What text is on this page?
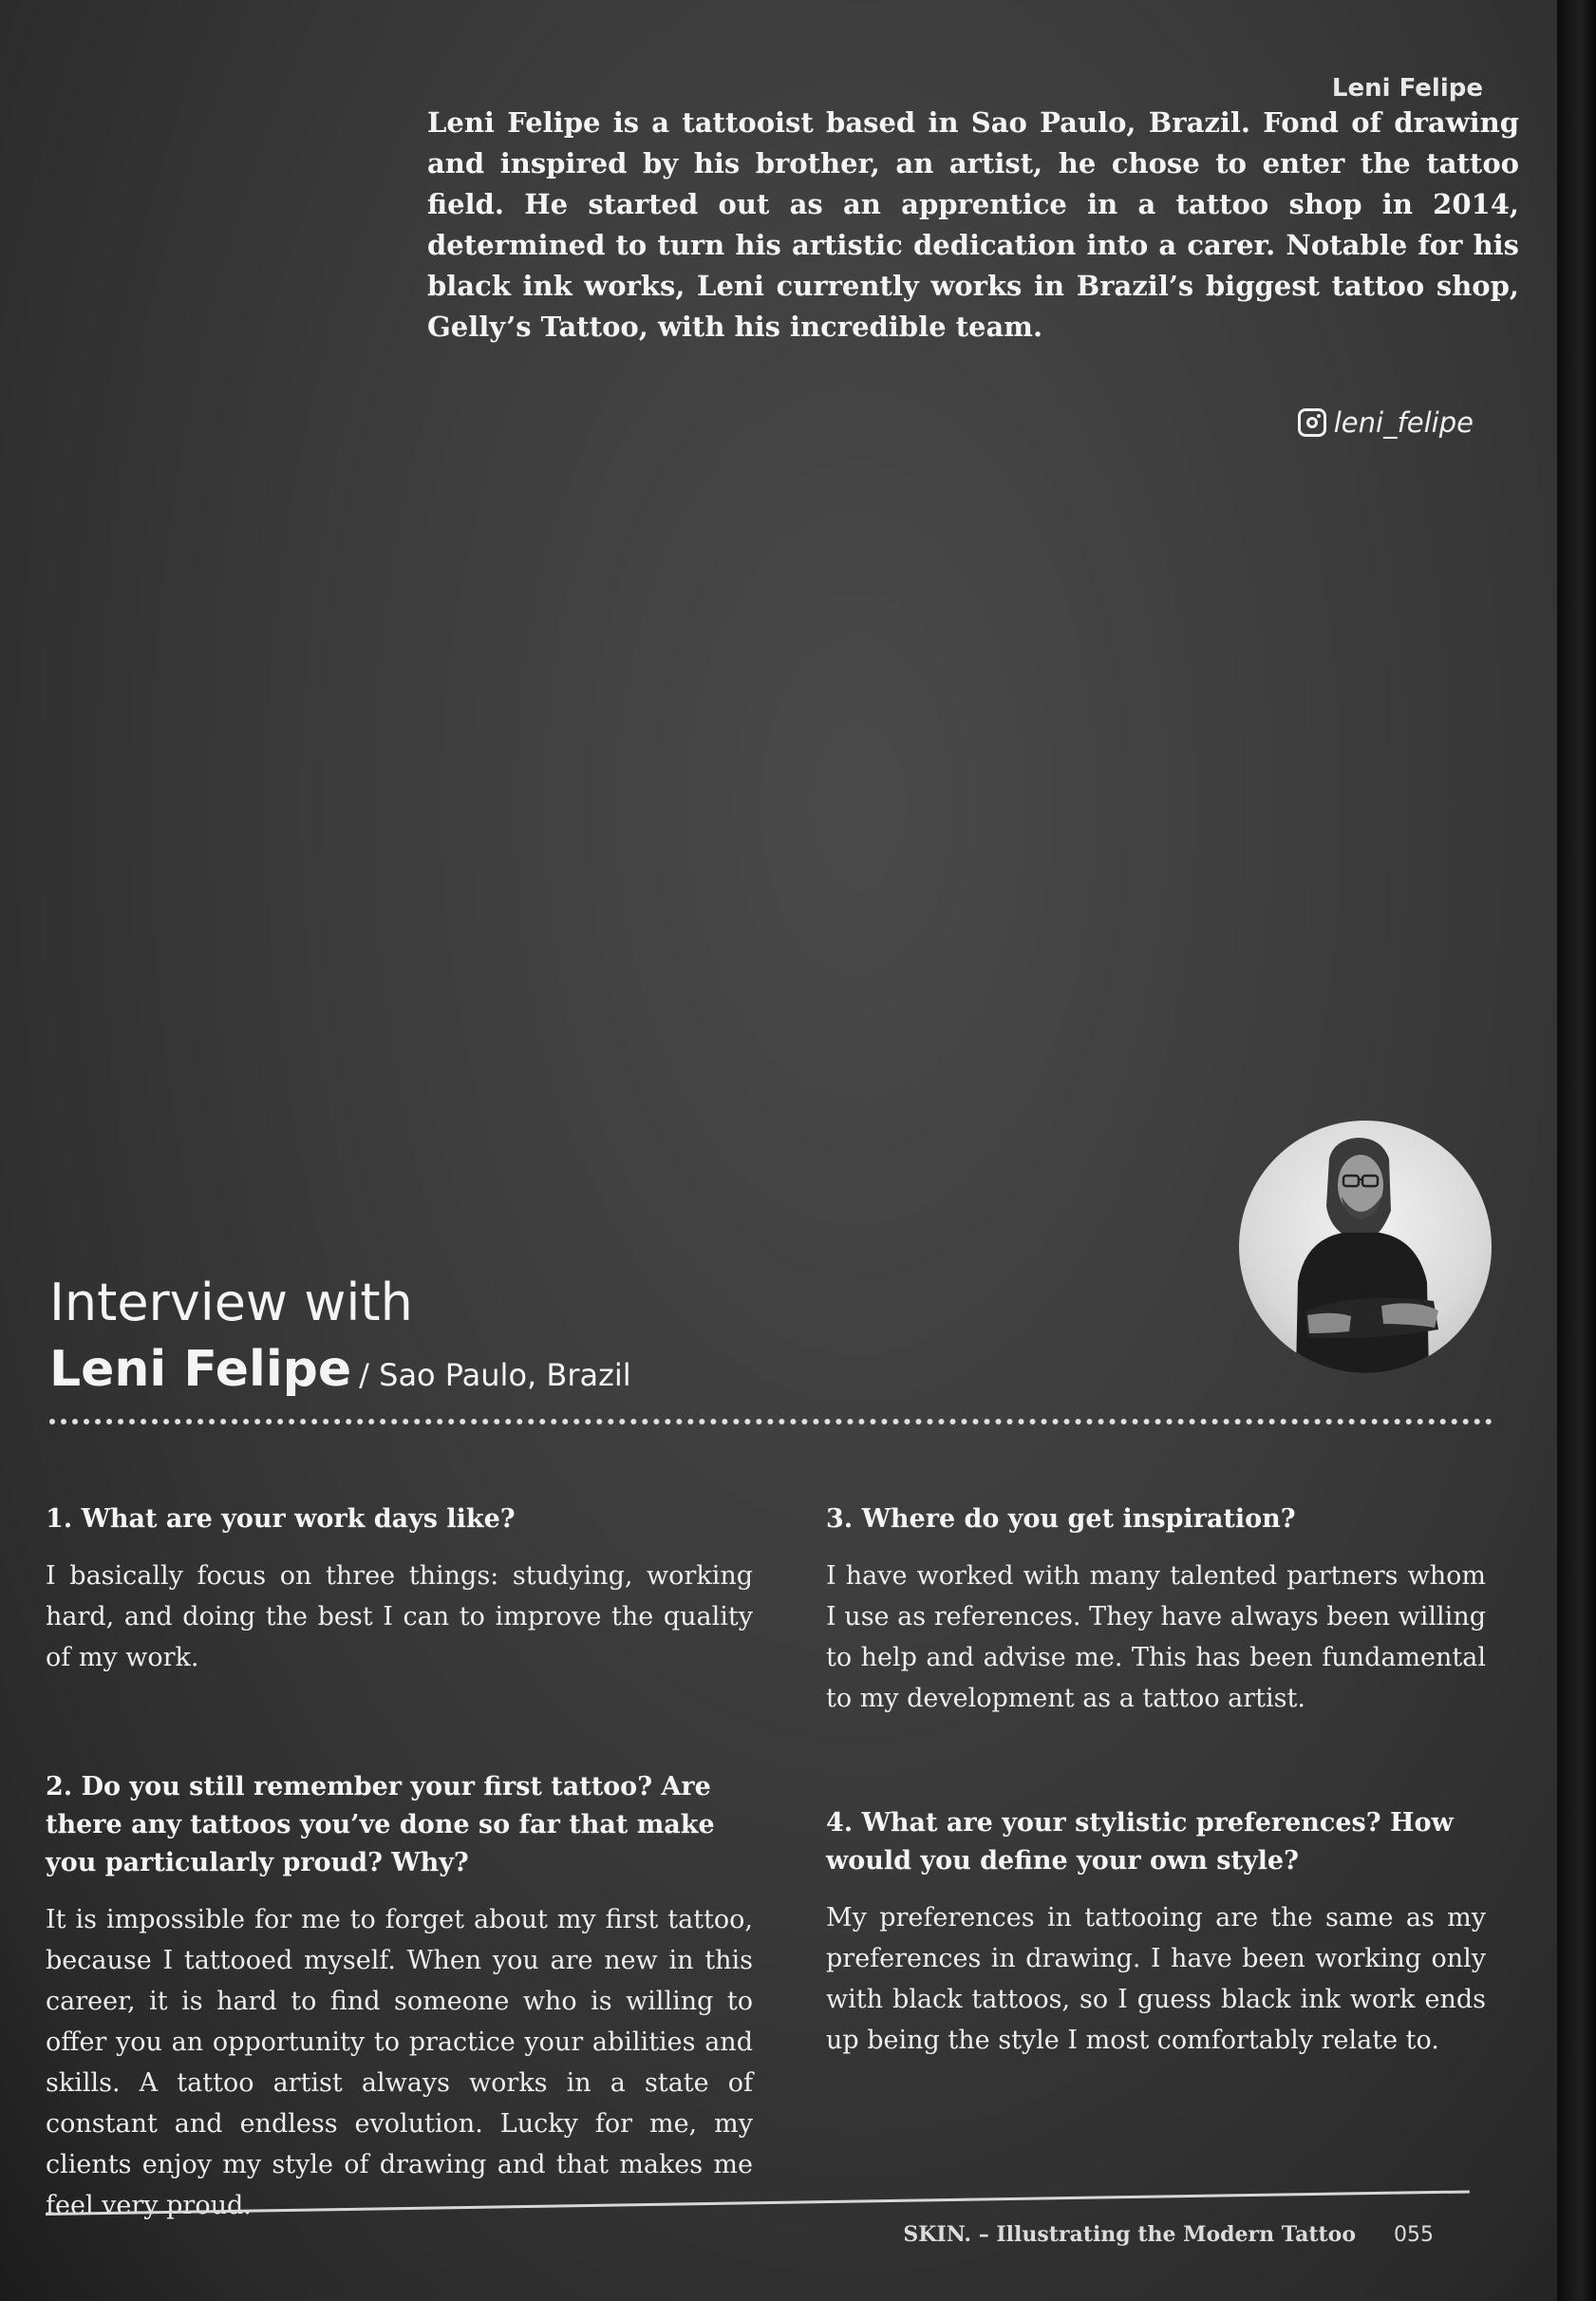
Leni Felipe
Leni Felipe is a tattooist based in Sao Paulo, Brazil. Fond of drawing and inspired by his brother, an artist, he chose to enter the tattoo field. He started out as an apprentice in a tattoo shop in 2014, determined to turn his artistic dedication into a carer. Notable for his black ink works, Leni currently works in Brazil’s biggest tattoo shop, Gelly’s Tattoo, with his incredible team.
leni_felipe
Interview with
Leni Felipe / Sao Paulo, Brazil

1. What are your work days like?

I basically focus on three things: studying, working hard, and doing the best I can to improve the quality of my work.

2. Do you still remember your first tattoo? Are there any tattoos you’ve done so far that make you particularly proud? Why?

It is impossible for me to forget about my first tattoo, because I tattooed myself. When you are new in this career, it is hard to find someone who is willing to offer you an opportunity to practice your abilities and skills. A tattoo artist always works in a state of constant and endless evolution. Lucky for me, my clients enjoy my style of drawing and that makes me feel very proud.

3. Where do you get inspiration?

I have worked with many talented partners whom I use as references. They have always been willing to help and advise me. This has been fundamental to my development as a tattoo artist.

4. What are your stylistic preferences? How would you define your own style?

My preferences in tattooing are the same as my preferences in drawing. I have been working only with black tattoos, so I guess black ink work ends up being the style I most comfortably relate to.

SKIN. – Illustrating the Modern Tattoo 055
